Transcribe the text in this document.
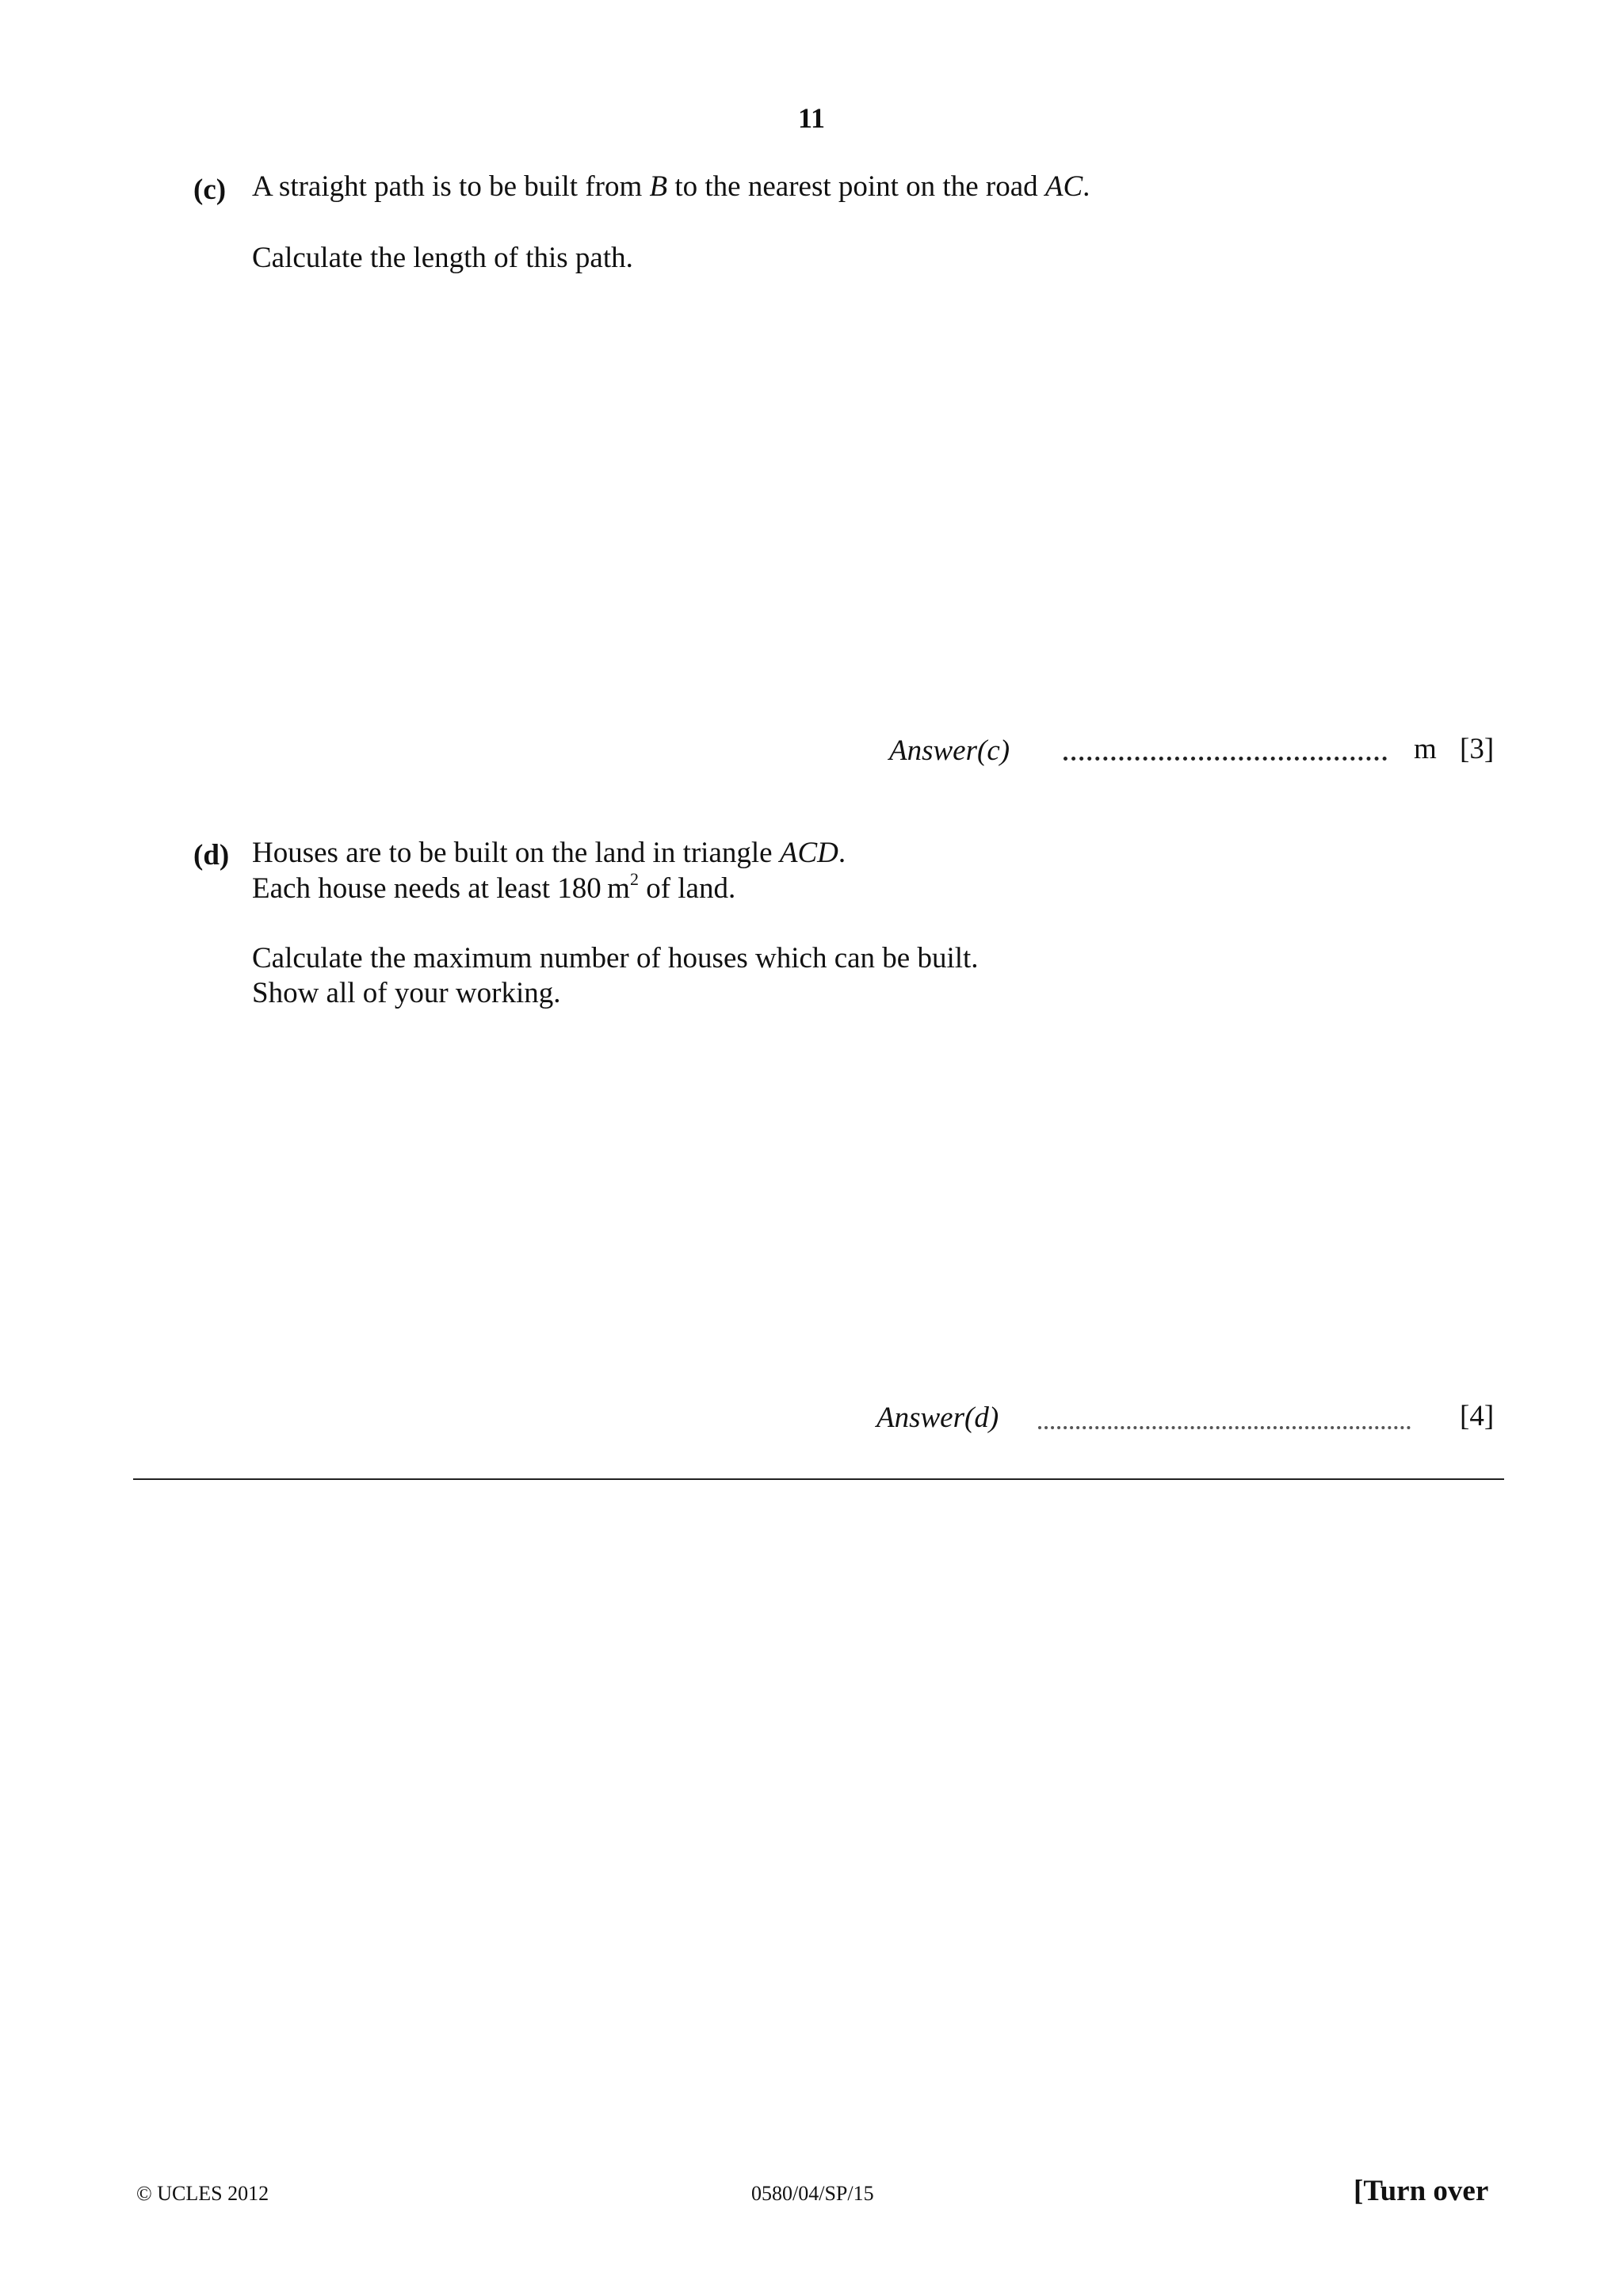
11
(c) A straight path is to be built from B to the nearest point on the road AC.
Calculate the length of this path.
Answer(c)	m [3]
(d) Houses are to be built on the land in triangle ACD.
Each house needs at least 180 $m^2$ of land.
Calculate the maximum number of houses which can be built.
Show all of your working.
Answer(d)	[4]
© UCLES 2012	0580/04/SP/15	[Turn over
